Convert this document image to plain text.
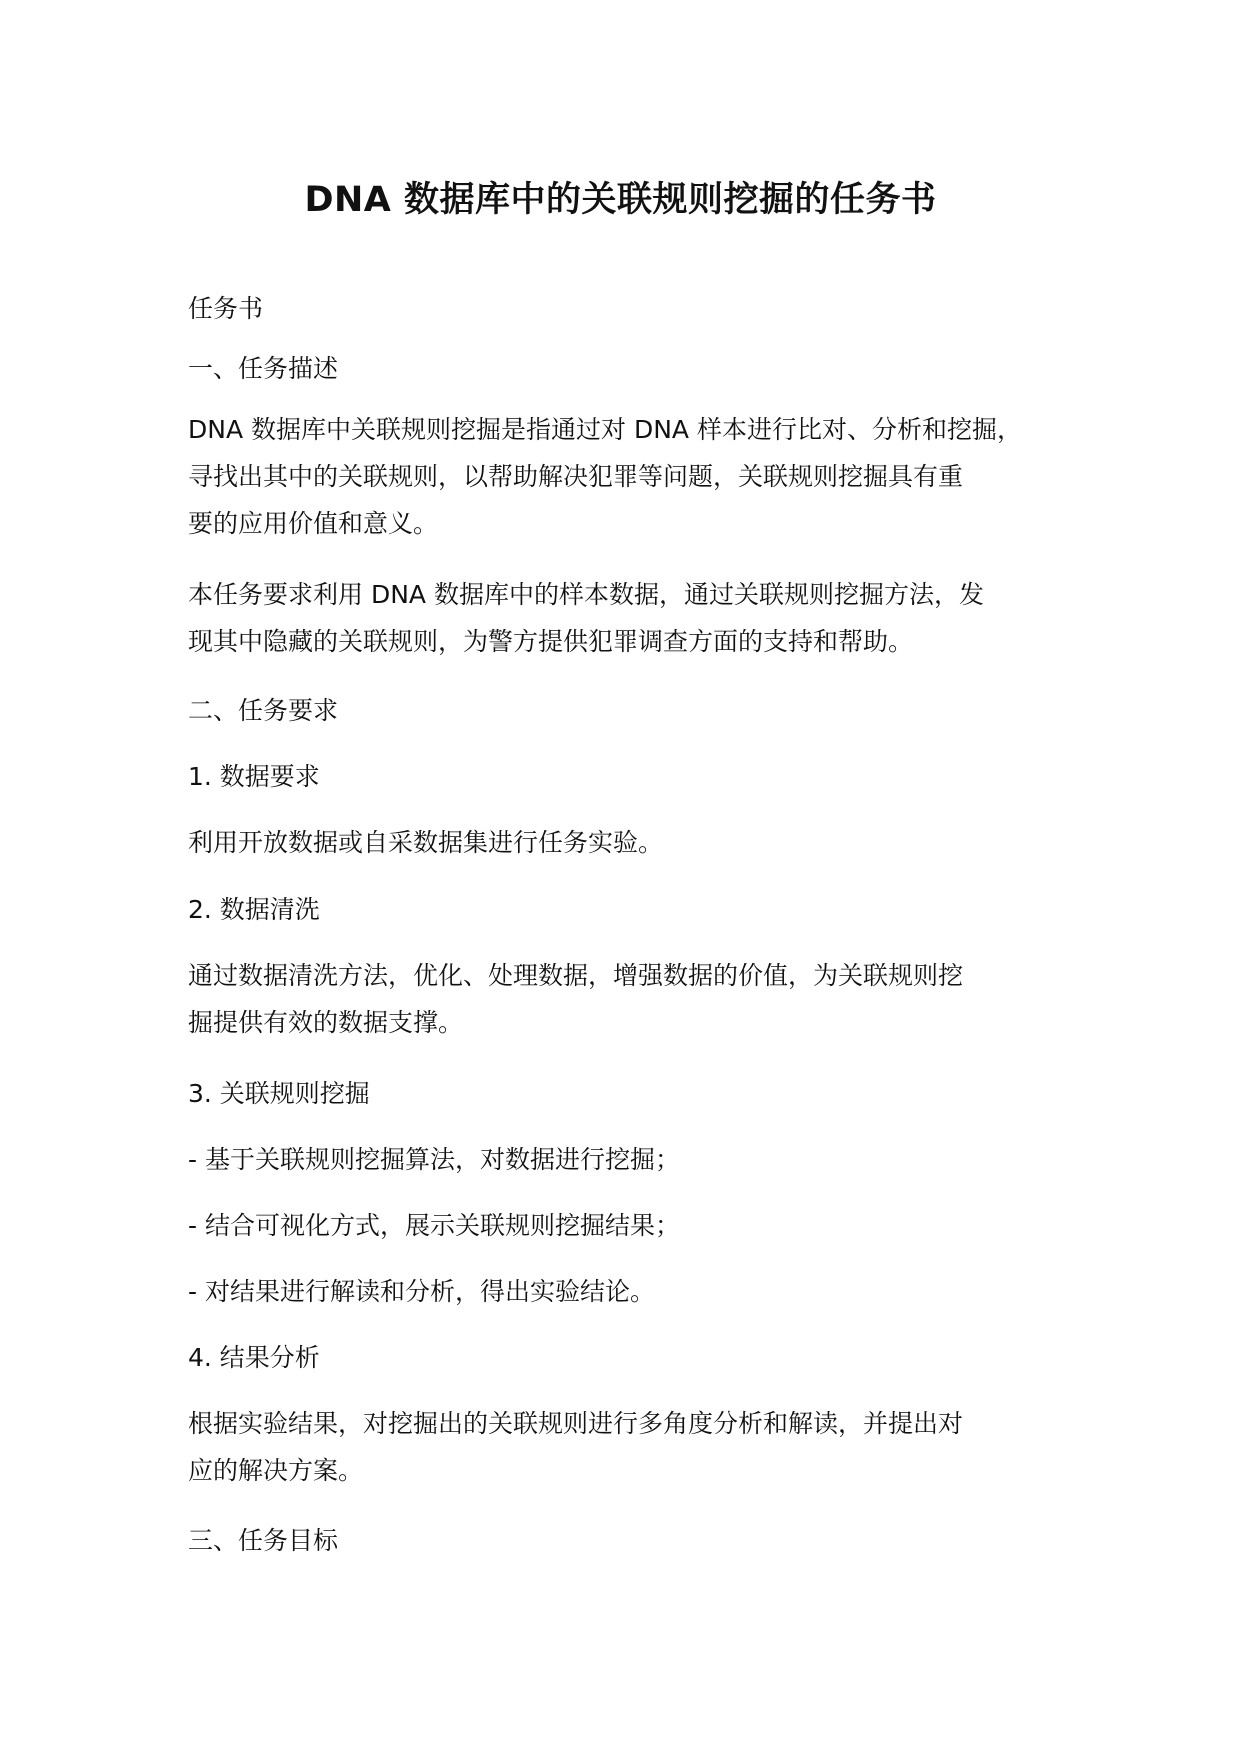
DNA 数据库中的关联规则挖掘的任务书

任务书

一、任务描述

DNA 数据库中关联规则挖掘是指通过对 DNA 样本进行比对、分析和挖掘，
寻找出其中的关联规则，以帮助解决犯罪等问题，关联规则挖掘具有重
要的应用价值和意义。

本任务要求利用 DNA 数据库中的样本数据，通过关联规则挖掘方法，发
现其中隐藏的关联规则，为警方提供犯罪调查方面的支持和帮助。

二、任务要求

1. 数据要求

利用开放数据或自采数据集进行任务实验。

2. 数据清洗

通过数据清洗方法，优化、处理数据，增强数据的价值，为关联规则挖
掘提供有效的数据支撑。

3. 关联规则挖掘

- 基于关联规则挖掘算法，对数据进行挖掘；

- 结合可视化方式，展示关联规则挖掘结果；

- 对结果进行解读和分析，得出实验结论。

4. 结果分析

根据实验结果，对挖掘出的关联规则进行多角度分析和解读，并提出对
应的解决方案。

三、任务目标
